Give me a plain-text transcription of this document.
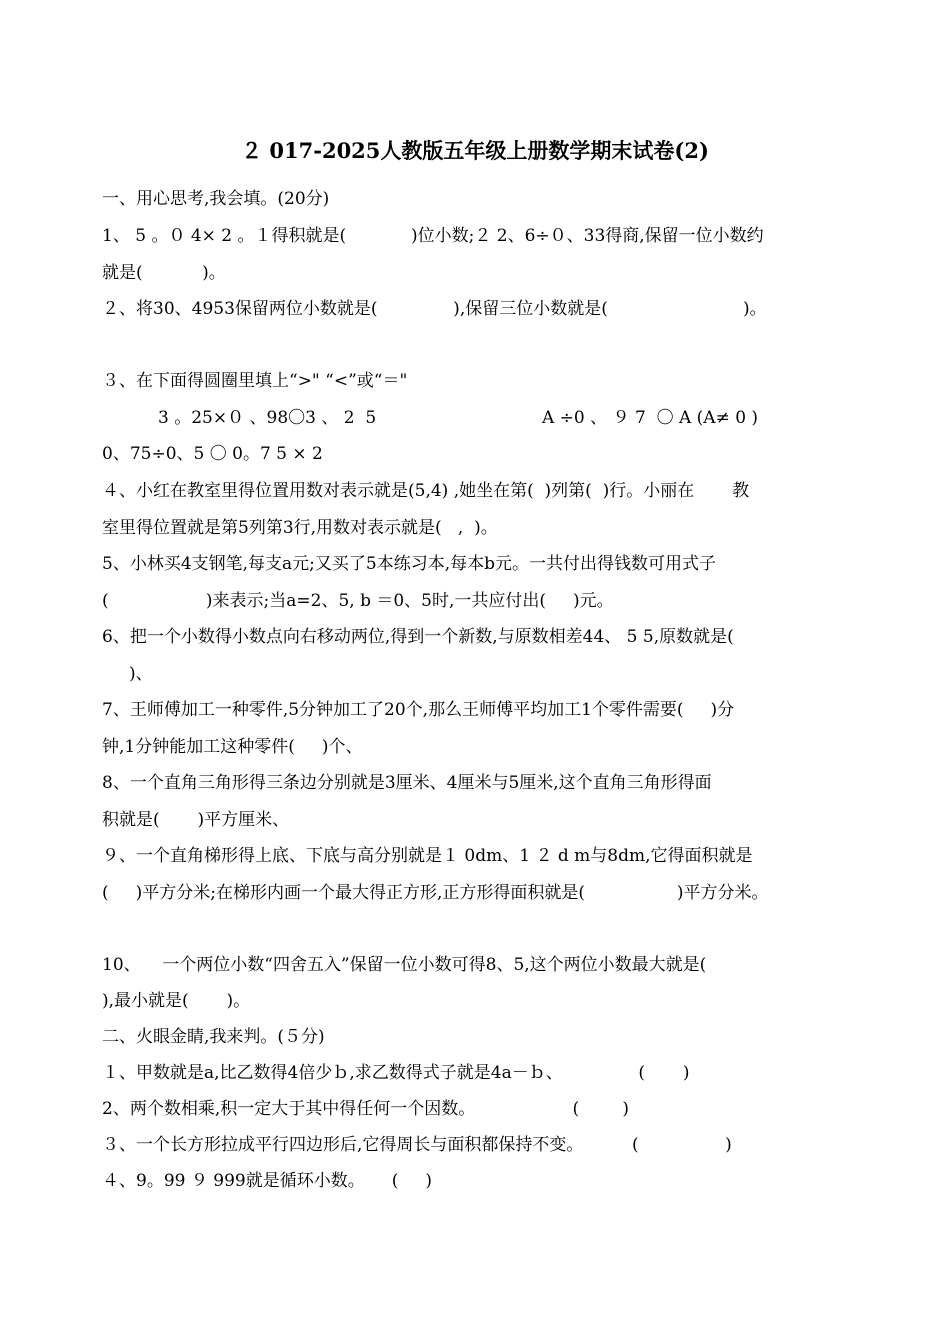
２ 017-2025人教版五年级上册数学期末试卷(2)
一、用心思考,我会填。(20分)
1、 5 。０ 4× 2 。１得积就是(            )位小数;２ 2、6÷０、33得商,保留一位小数约
就是(           )。
２、将30、4953保留两位小数就是(              ),保留三位小数就是(                         )。
３、在下面得圆圈里填上“>" “<”或“＝"
3 。25×０ 、98〇3 、 2  5	A ÷0 、 ９ 7  〇 A (A≠ 0 )
0、75÷0、5 〇 0。7 5 × 2
４、小红在教室里得位置用数对表示就是(5,4) ,她坐在第(  )列第(  )行。小丽在       教
室里得位置就是第5列第3行,用数对表示就是(   ,  )。
5、小林买4支钢笔,每支a元;又买了5本练习本,每本b元。一共付出得钱数可用式子
(                  )来表示;当a=2、5, b ＝0、5时,一共应付出(     )元。
6、把一个小数得小数点向右移动两位,得到一个新数,与原数相差44、 5 5,原数就是(
)、
7、王师傅加工一种零件,5分钟加工了20个,那么王师傅平均加工1个零件需要(     )分
钟,1分钟能加工这种零件(     )个、
8、一个直角三角形得三条边分别就是3厘米、4厘米与5厘米,这个直角三角形得面
积就是(       )平方厘米、
９、一个直角梯形得上底、下底与高分别就是１ 0dm、1 ２ d m与8dm,它得面积就是
(     )平方分米;在梯形内画一个最大得正方形,正方形得面积就是(                 )平方分米。
10、    一个两位小数“四舍五入”保留一位小数可得8、5,这个两位小数最大就是(
),最小就是(       )。
二、火眼金睛,我来判。(５分)
１、甲数就是a,比乙数得4倍少ｂ,求乙数得式子就是4a－ｂ、              (       )
2、两个数相乘,积一定大于其中得任何一个因数。                  (        )
３、一个长方形拉成平行四边形后,它得周长与面积都保持不变。         (                )
４、9。99 ９ 999就是循环小数。     (     )
